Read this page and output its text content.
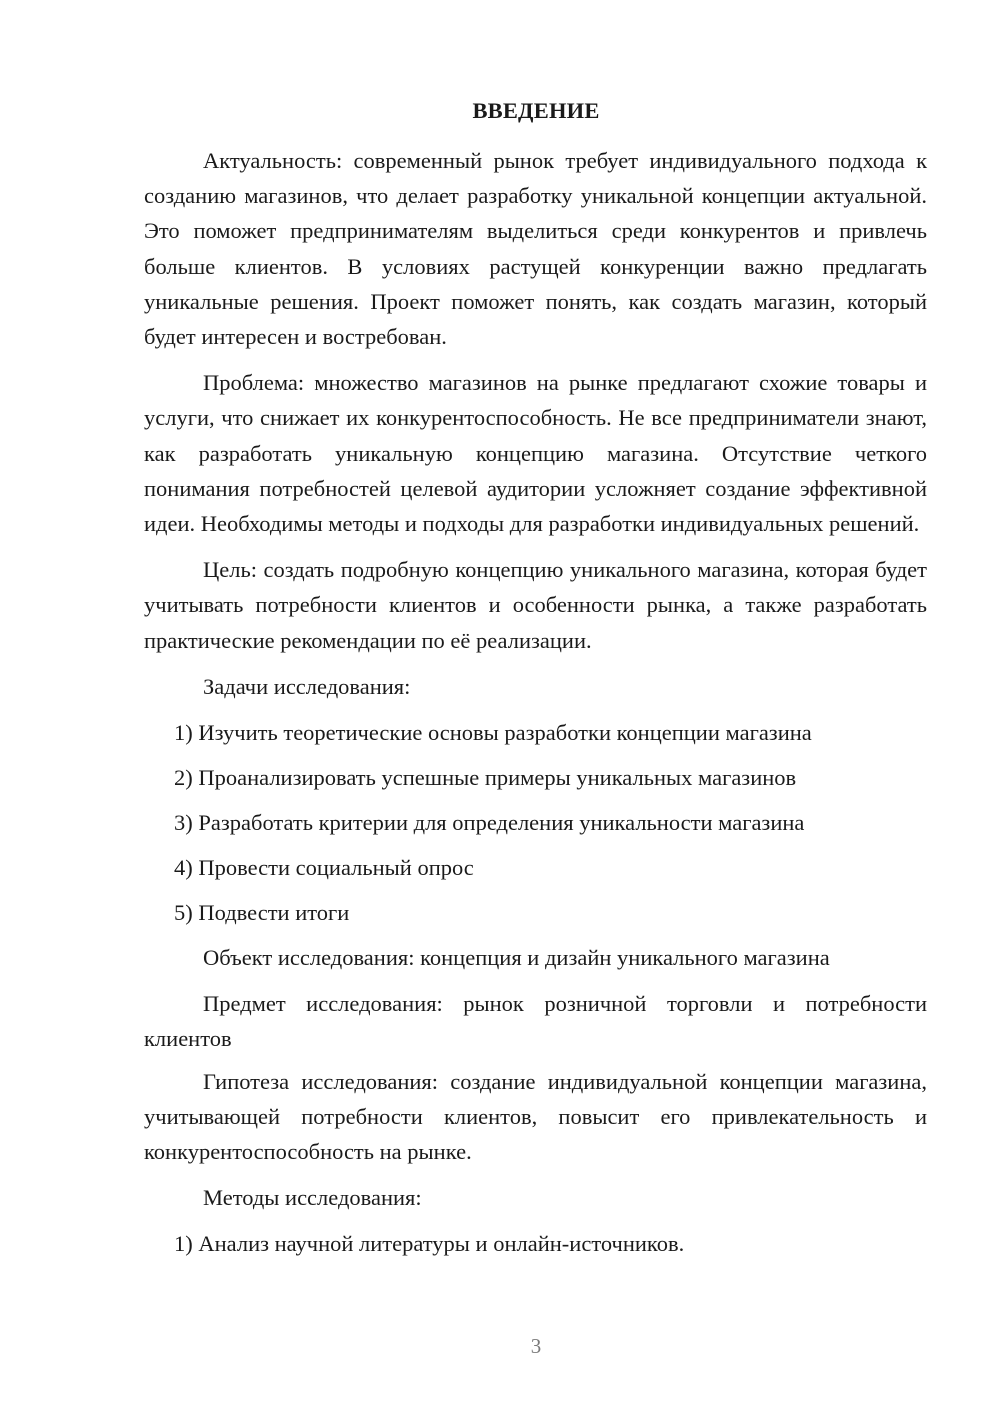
ВВЕДЕНИЕ

Актуальность: современный рынок требует индивидуального подхода к созданию магазинов, что делает разработку уникальной концепции актуальной. Это поможет предпринимателям выделиться среди конкурентов и привлечь больше клиентов. В условиях растущей конкуренции важно предлагать уникальные решения. Проект поможет понять, как создать магазин, который будет интересен и востребован.

Проблема: множество магазинов на рынке предлагают схожие товары и услуги, что снижает их конкурентоспособность. Не все предприниматели знают, как разработать уникальную концепцию магазина. Отсутствие четкого понимания потребностей целевой аудитории усложняет создание эффективной идеи. Необходимы методы и подходы для разработки индивидуальных решений.

Цель: создать подробную концепцию уникального магазина, которая будет учитывать потребности клиентов и особенности рынка, а также разработать практические рекомендации по её реализации.

Задачи исследования:

1) Изучить теоретические основы разработки концепции магазина

2) Проанализировать успешные примеры уникальных магазинов

3) Разработать критерии для определения уникальности магазина

4) Провести социальный опрос

5) Подвести итоги

Объект исследования: концепция и дизайн уникального магазина

Предмет исследования: рынок розничной торговли и потребности клиентов

Гипотеза исследования: создание индивидуальной концепции магазина, учитывающей потребности клиентов, повысит его привлекательность и конкурентоспособность на рынке.

Методы исследования:

1) Анализ научной литературы и онлайн-источников.

3
